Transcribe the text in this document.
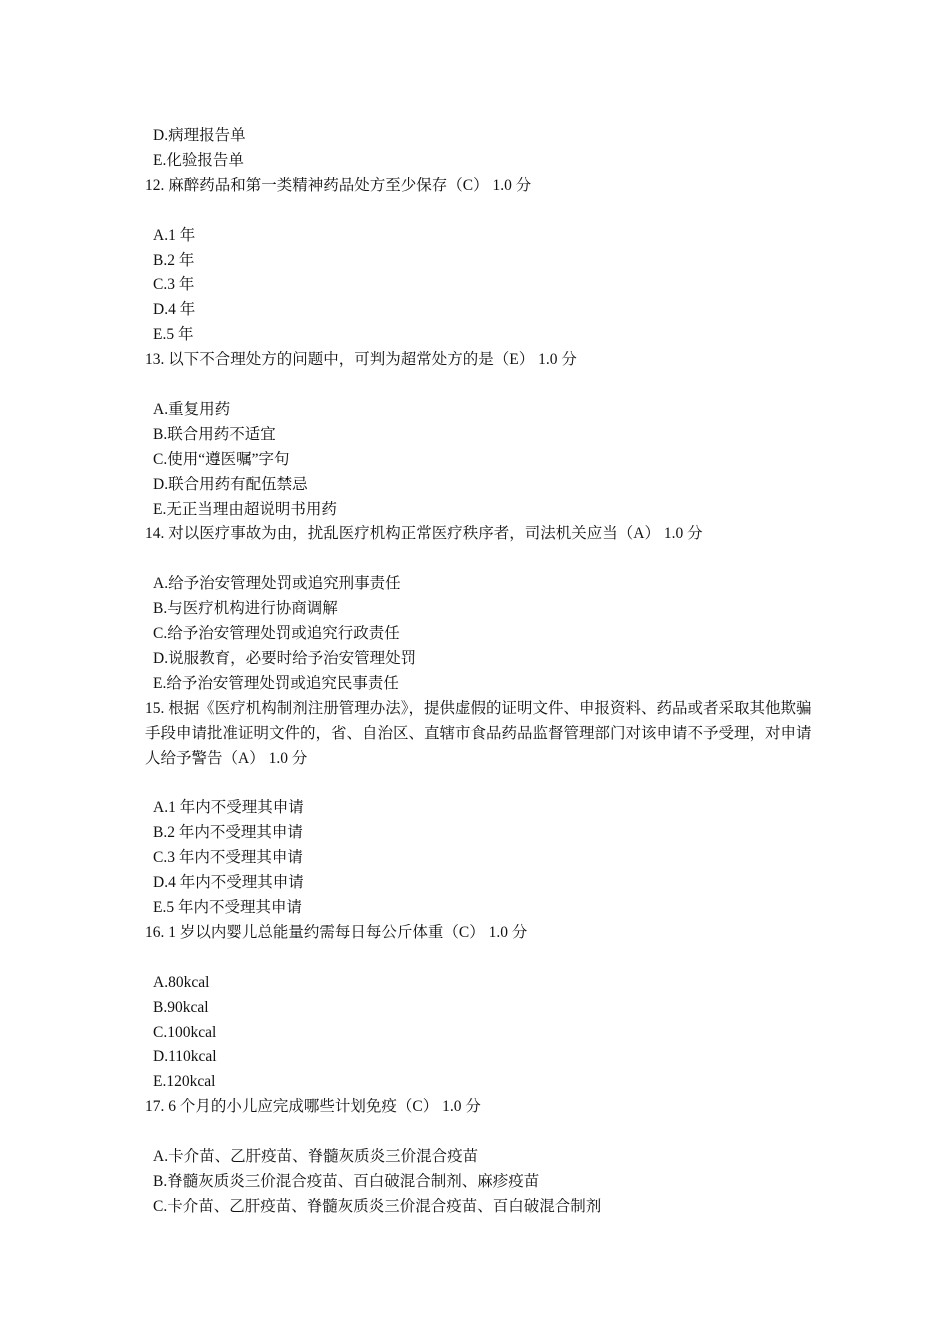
D.病理报告单
E.化验报告单
12. 麻醉药品和第一类精神药品处方至少保存（C） 1.0 分
A.1 年
B.2 年
C.3 年
D.4 年
E.5 年
13. 以下不合理处方的问题中，可判为超常处方的是（E） 1.0 分
A.重复用药
B.联合用药不适宜
C.使用“遵医嘱”字句
D.联合用药有配伍禁忌
E.无正当理由超说明书用药
14. 对以医疗事故为由，扰乱医疗机构正常医疗秩序者，司法机关应当（A） 1.0 分
A.给予治安管理处罚或追究刑事责任
B.与医疗机构进行协商调解
C.给予治安管理处罚或追究行政责任
D.说服教育，必要时给予治安管理处罚
E.给予治安管理处罚或追究民事责任
15. 根据《医疗机构制剂注册管理办法》，提供虚假的证明文件、申报资料、药品或者采取其他欺骗手段申请批准证明文件的，省、自治区、直辖市食品药品监督管理部门对该申请不予受理，对申请人给予警告（A） 1.0 分
A.1 年内不受理其申请
B.2 年内不受理其申请
C.3 年内不受理其申请
D.4 年内不受理其申请
E.5 年内不受理其申请
16. 1 岁以内婴儿总能量约需每日每公斤体重（C） 1.0 分
A.80kcal
B.90kcal
C.100kcal
D.110kcal
E.120kcal
17. 6 个月的小儿应完成哪些计划免疫（C） 1.0 分
A.卡介苗、乙肝疫苗、脊髓灰质炎三价混合疫苗
B.脊髓灰质炎三价混合疫苗、百白破混合制剂、麻疹疫苗
C.卡介苗、乙肝疫苗、脊髓灰质炎三价混合疫苗、百白破混合制剂
